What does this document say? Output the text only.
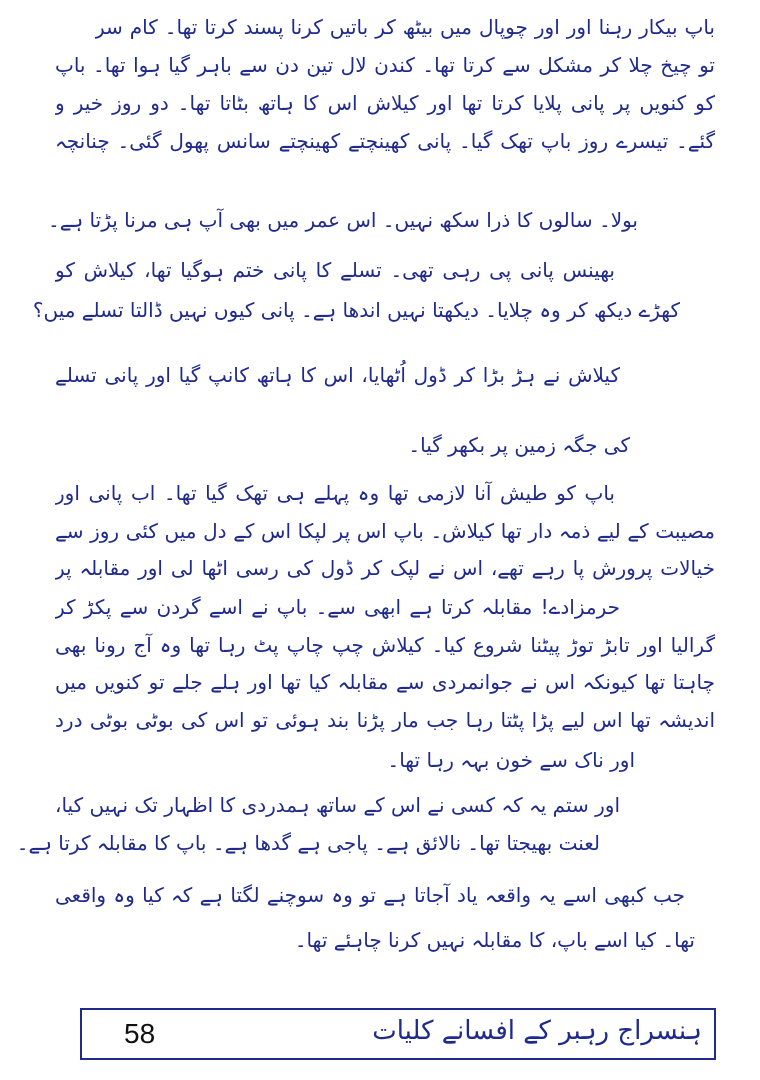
باپ بیکار رہنا اور اور چوپال میں بیٹھ کر باتیں کرنا پسند کرتا تھا۔ کام سر
تو چیخ چلا کر مشکل سے کرتا تھا۔ کندن لال تین دن سے باہر گیا ہوا تھا۔ باپ
کو کنویں پر پانی پلایا کرتا تھا اور کیلاش اس کا ہاتھ بٹاتا تھا۔ دو روز خیر و
گئے۔ تیسرے روز باپ تھک گیا۔ پانی کھینچتے کھینچتے سانس پھول گئی۔ چنانچہ
بولا۔ سالوں کا ذرا سکھ نہیں۔ اس عمر میں بھی آپ ہی مرنا پڑتا ہے۔
بھینس پانی پی رہی تھی۔ تسلے کا پانی ختم ہوگیا تھا، کیلاش کو
کھڑے دیکھ کر وہ چلایا۔ دیکھتا نہیں اندھا ہے۔ پانی کیوں نہیں ڈالتا تسلے میں؟
کیلاش نے ہڑ بڑا کر ڈول اُٹھایا، اس کا ہاتھ کانپ گیا اور پانی تسلے
کی جگہ زمین پر بکھر گیا۔
باپ کو طیش آنا لازمی تھا وہ پہلے ہی تھک گیا تھا۔ اب پانی اور
مصیبت کے لیے ذمہ دار تھا کیلاش۔ باپ اس پر لپکا اس کے دل میں کئی روز سے
خیالات پرورش پا رہے تھے، اس نے لپک کر ڈول کی رسی اٹھا لی اور مقابلہ پر
حرمزادے! مقابلہ کرتا ہے ابھی سے۔ باپ نے اسے گردن سے پکڑ کر
گرالیا اور تابڑ توڑ پیٹنا شروع کیا۔ کیلاش چپ چاپ پٹ رہا تھا وہ آج رونا بھی
چاہتا تھا کیونکہ اس نے جوانمردی سے مقابلہ کیا تھا اور ہلے جلے تو کنویں میں
اندیشہ تھا اس لیے پڑا پٹتا رہا جب مار پڑنا بند ہوئی تو اس کی بوٹی بوٹی درد
اور ناک سے خون بہہ رہا تھا۔
اور ستم یہ کہ کسی نے اس کے ساتھ ہمدردی کا اظہار تک نہیں کیا،
لعنت بھیجتا تھا۔ نالائق ہے۔ پاجی ہے گدھا ہے۔ باپ کا مقابلہ کرتا ہے۔
جب کبھی اسے یہ واقعہ یاد آجاتا ہے تو وہ سوچنے لگتا ہے کہ کیا وہ واقعی
تھا۔ کیا اسے باپ، کا مقابلہ نہیں کرنا چاہئے تھا۔
58	ہنسراج رہبر کے افسانے کلیات
